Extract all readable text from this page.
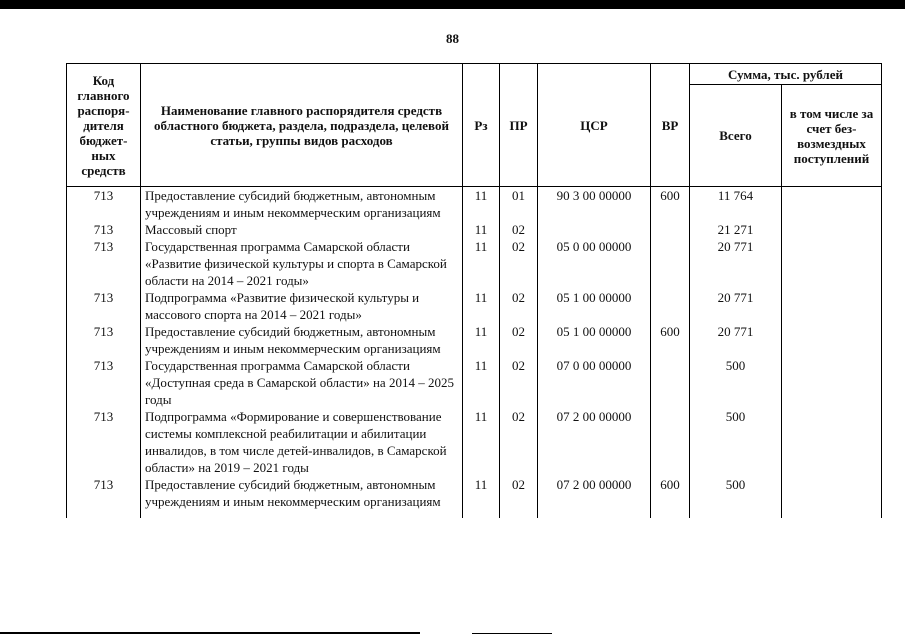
88
Код главного распоря-дителя бюджет-ных средств	Наименование главного распорядителя средств областного бюджета, раздела, подраздела, целевой статьи, группы видов расходов	Рз	ПР	ЦСР	ВР	Сумма, тыс. рублей	
						Всего	в том числе за счет без-возмездных поступлений
713	Предоставление субсидий бюджетным, автономным учреждениям и иным некоммерческим организациям	11	01	90 3 00 00000	600	11 764	
713	Массовый спорт	11	02			21 271	
713	Государственная программа Самарской области «Развитие физической культуры и спорта в Самарской области на 2014 – 2021 годы»	11	02	05 0 00 00000		20 771	
713	Подпрограмма «Развитие физической культуры и массового спорта на 2014 – 2021 годы»	11	02	05 1 00 00000		20 771	
713	Предоставление субсидий бюджетным, автономным учреждениям и иным некоммерческим организациям	11	02	05 1 00 00000	600	20 771	
713	Государственная программа Самарской области «Доступная среда в Самарской области» на 2014 – 2025 годы	11	02	07 0 00 00000		500	
713	Подпрограмма «Формирование и совершенствование системы комплексной реабилитации и абилитации инвалидов, в том числе детей-инвалидов, в Самарской области» на 2019 – 2021 годы	11	02	07 2 00 00000		500	
713	Предоставление субсидий бюджетным, автономным учреждениям и иным некоммерческим организациям	11	02	07 2 00 00000	600	500	
